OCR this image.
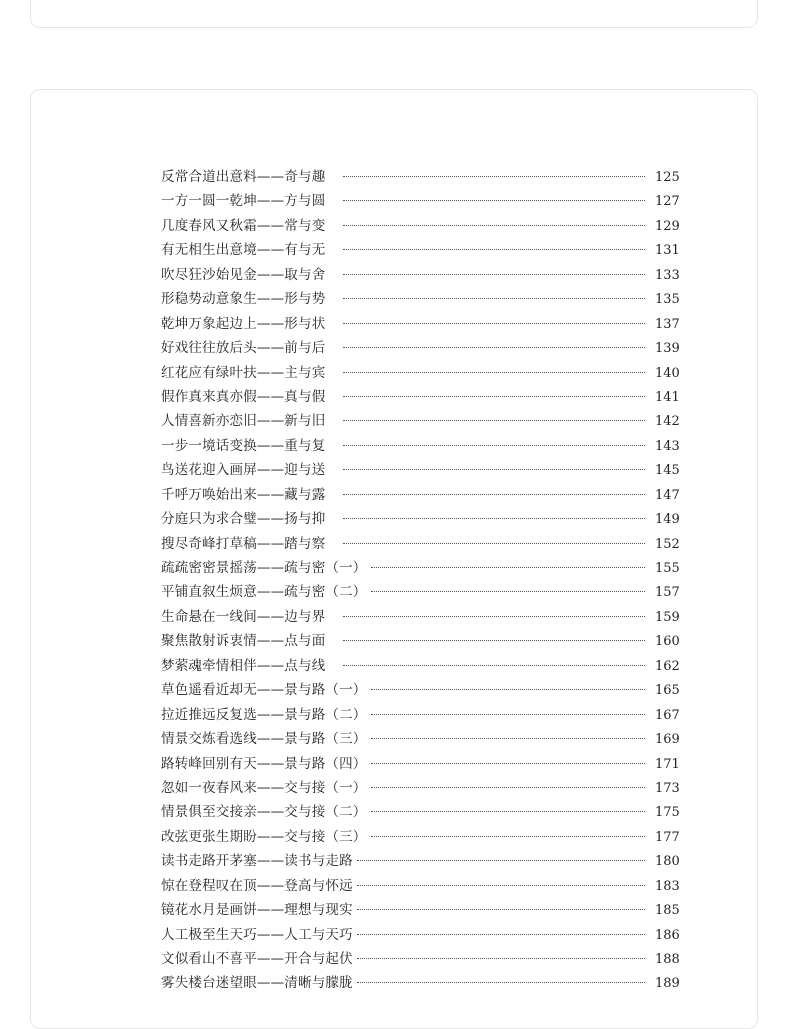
反常合道出意料——奇与趣	125
一方一圆一乾坤——方与圆	127
几度春风又秋霜——常与变	129
有无相生出意境——有与无	131
吹尽狂沙始见金——取与舍	133
形稳势动意象生——形与势	135
乾坤万象起边上——形与状	137
好戏往往放后头——前与后	139
红花应有绿叶扶——主与宾	140
假作真来真亦假——真与假	141
人情喜新亦恋旧——新与旧	142
一步一境话变换——重与复	143
鸟送花迎入画屏——迎与送	145
千呼万唤始出来——藏与露	147
分庭只为求合璧——扬与抑	149
搜尽奇峰打草稿——踏与察	152
疏疏密密景摇荡——疏与密（一）	155
平铺直叙生烦意——疏与密（二）	157
生命悬在一线间——边与界	159
聚焦散射诉衷情——点与面	160
梦萦魂牵情相伴——点与线	162
草色遥看近却无——景与路（一）	165
拉近推远反复选——景与路（二）	167
情景交炼看选线——景与路（三）	169
路转峰回别有天——景与路（四）	171
忽如一夜春风来——交与接（一）	173
情景俱至交接亲——交与接（二）	175
改弦更张生期盼——交与接（三）	177
读书走路开茅塞——读书与走路	180
惊在登程叹在顶——登高与怀远	183
镜花水月是画饼——理想与现实	185
人工极至生天巧——人工与天巧	186
文似看山不喜平——开合与起伏	188
雾失楼台迷望眼——清晰与朦胧	189
